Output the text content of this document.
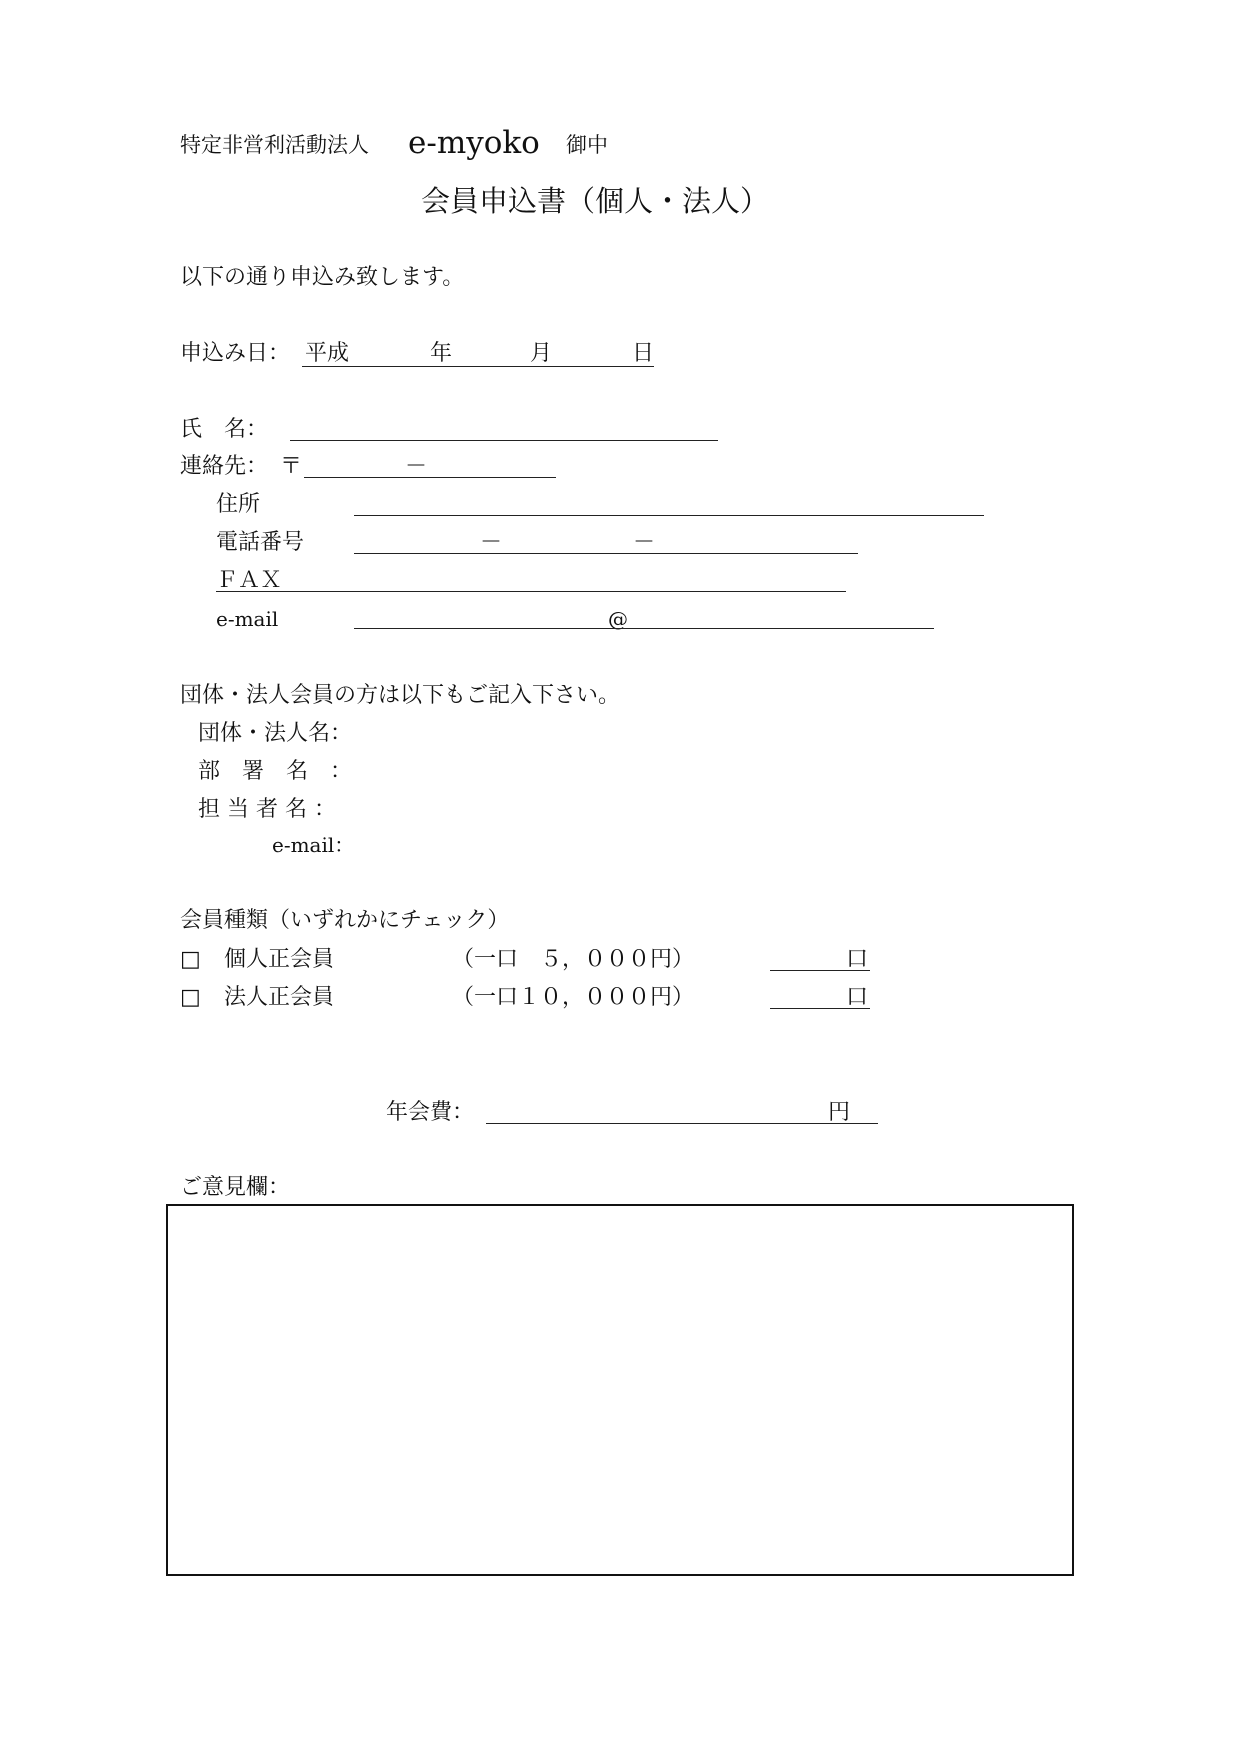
特定非営利活動法人 e-myoko 御中
会員申込書（個人・法人）
以下の通り申込み致します。
申込み日： 平成	年	月	日
氏　名：
連絡先： 〒	－
住所
電話番号	－	－
ＦＡＸ
e-mail	@
団体・法人会員の方は以下もご記入下さい。
団体・法人名：
部　署　名　：
担 当 者 名 ：
e-mail：
会員種類（いずれかにチェック）
□ 個人正会員	（一口　５，０００円）	口
□ 法人正会員	（一口１０，０００円）	口
年会費：	円
ご意見欄：
